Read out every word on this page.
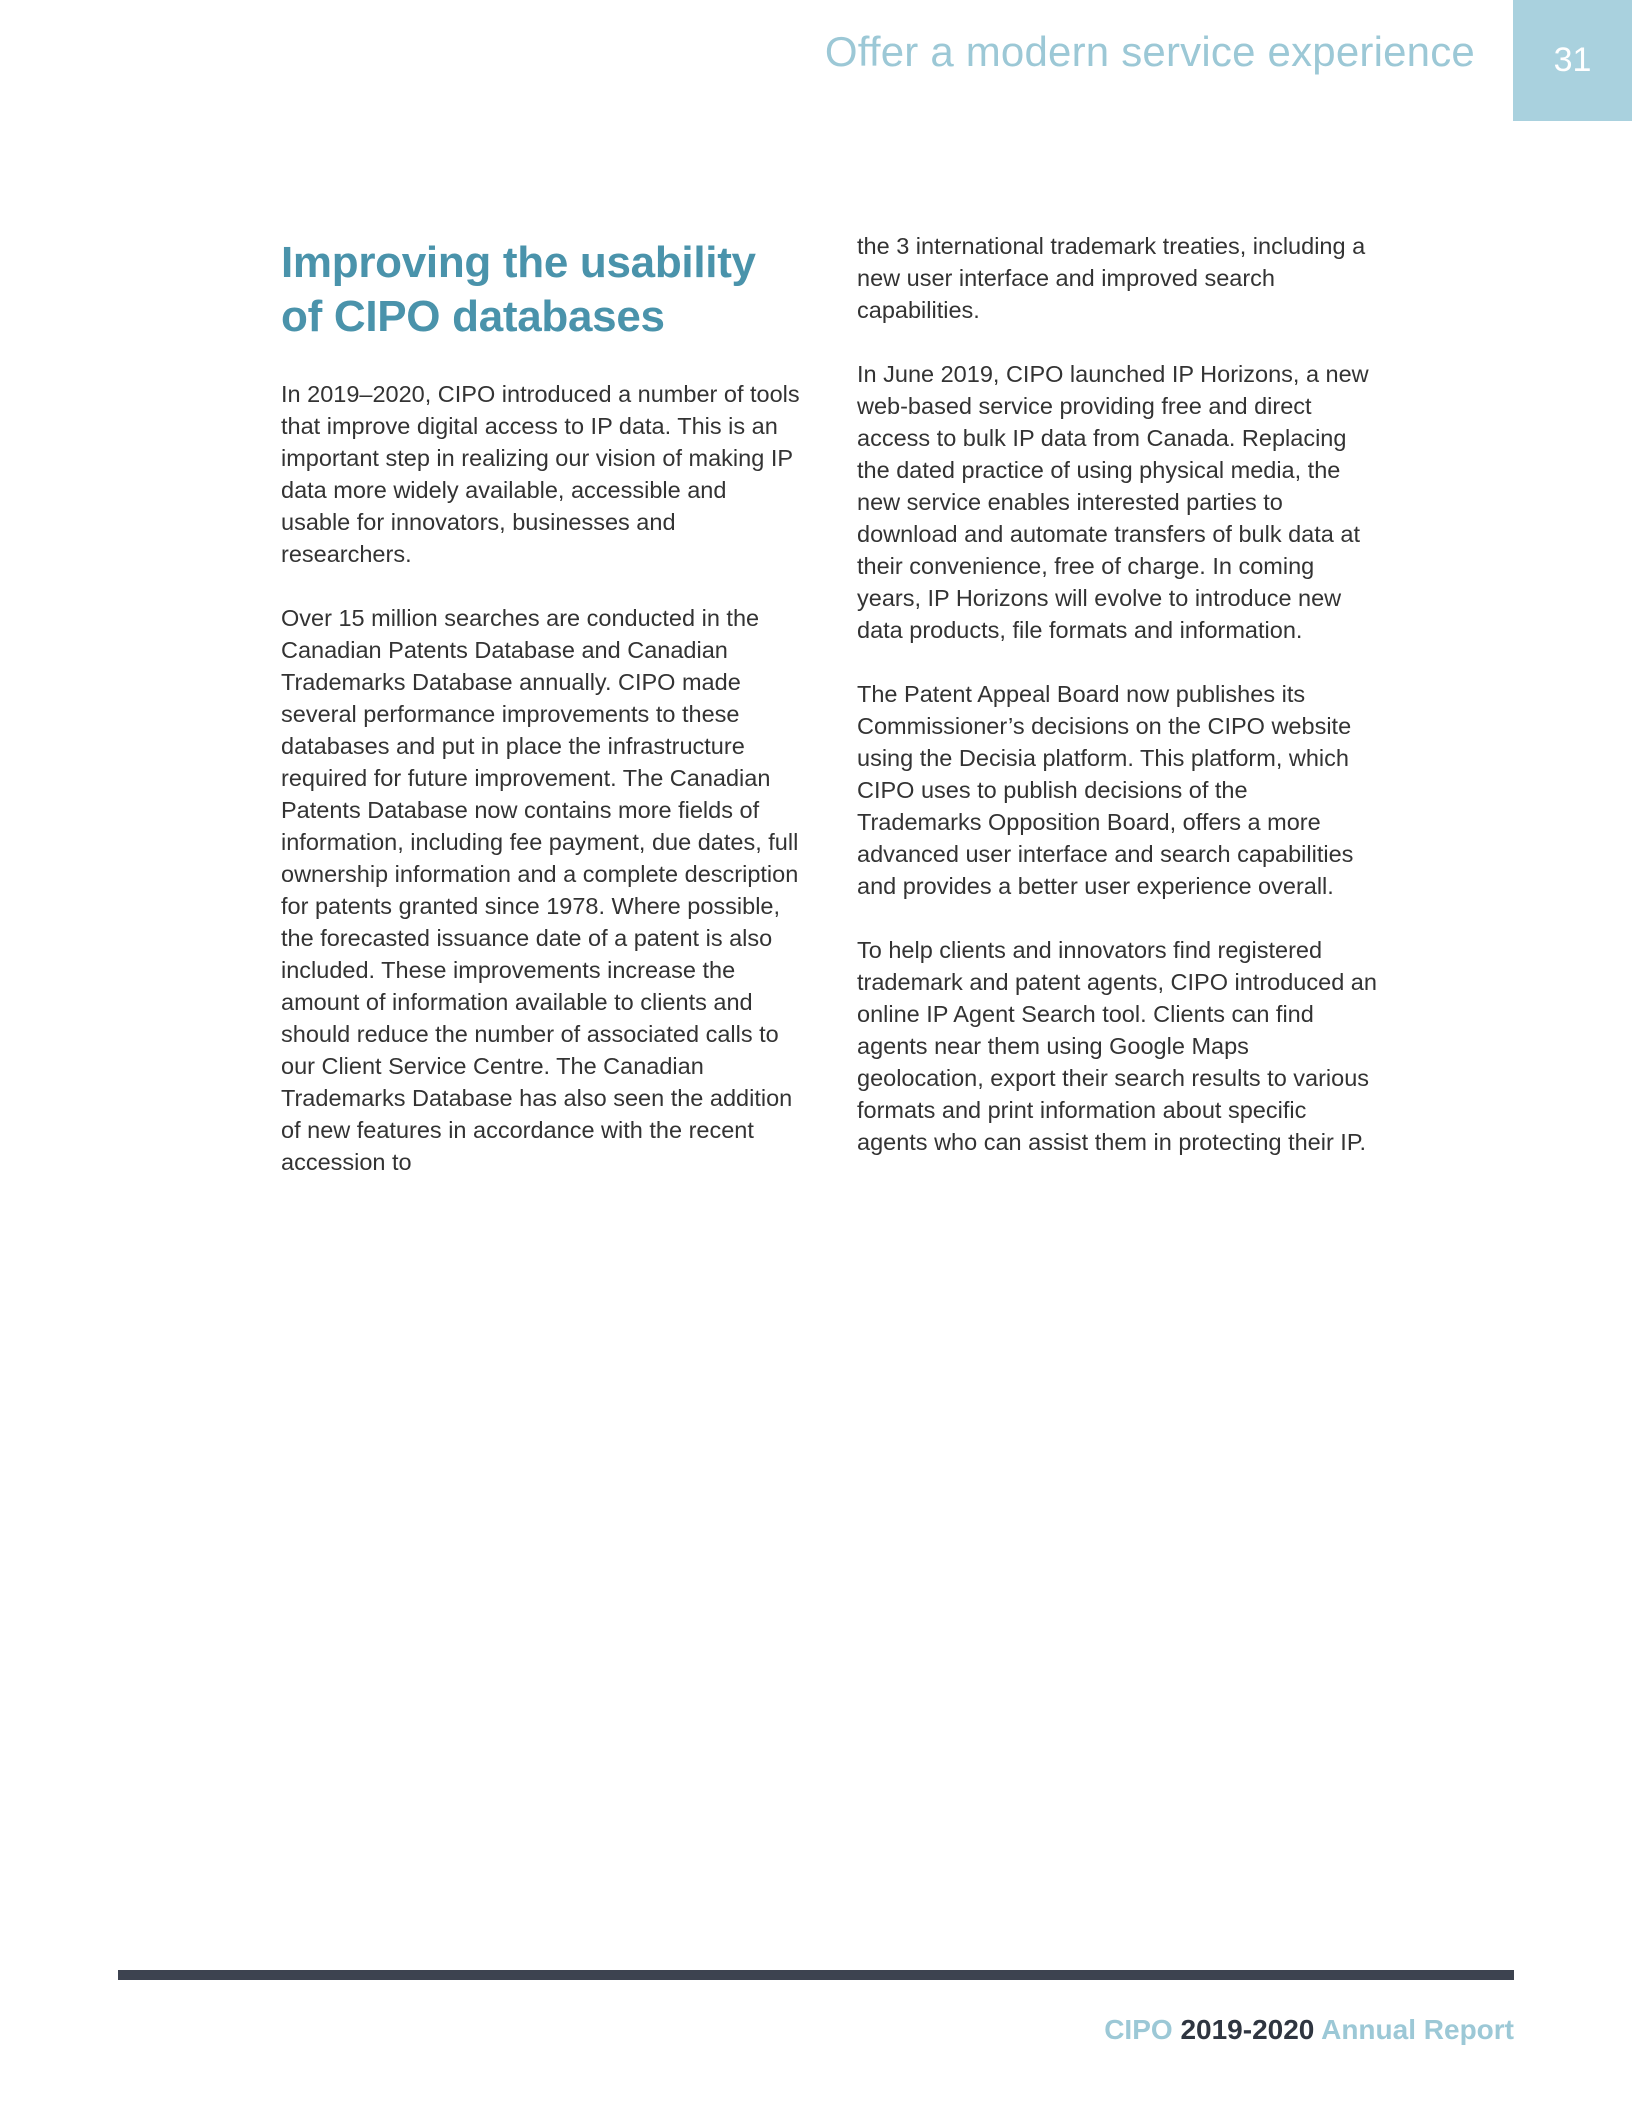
Offer a modern service experience 31
Improving the usability of CIPO databases

In 2019–2020, CIPO introduced a number of tools that improve digital access to IP data. This is an important step in realizing our vision of making IP data more widely available, accessible and usable for innovators, businesses and researchers.

Over 15 million searches are conducted in the Canadian Patents Database and Canadian Trademarks Database annually. CIPO made several performance improvements to these databases and put in place the infrastructure required for future improvement. The Canadian Patents Database now contains more fields of information, including fee payment, due dates, full ownership information and a complete description for patents granted since 1978. Where possible, the forecasted issuance date of a patent is also included. These improvements increase the amount of information available to clients and should reduce the number of associated calls to our Client Service Centre. The Canadian Trademarks Database has also seen the addition of new features in accordance with the recent accession to

the 3 international trademark treaties, including a new user interface and improved search capabilities.

In June 2019, CIPO launched IP Horizons, a new web-based service providing free and direct access to bulk IP data from Canada. Replacing the dated practice of using physical media, the new service enables interested parties to download and automate transfers of bulk data at their convenience, free of charge. In coming years, IP Horizons will evolve to introduce new data products, file formats and information.

The Patent Appeal Board now publishes its Commissioner’s decisions on the CIPO website using the Decisia platform. This platform, which CIPO uses to publish decisions of the Trademarks Opposition Board, offers a more advanced user interface and search capabilities and provides a better user experience overall.

To help clients and innovators find registered trademark and patent agents, CIPO introduced an online IP Agent Search tool. Clients can find agents near them using Google Maps geolocation, export their search results to various formats and print information about specific agents who can assist them in protecting their IP.

CIPO 2019-2020 Annual Report
